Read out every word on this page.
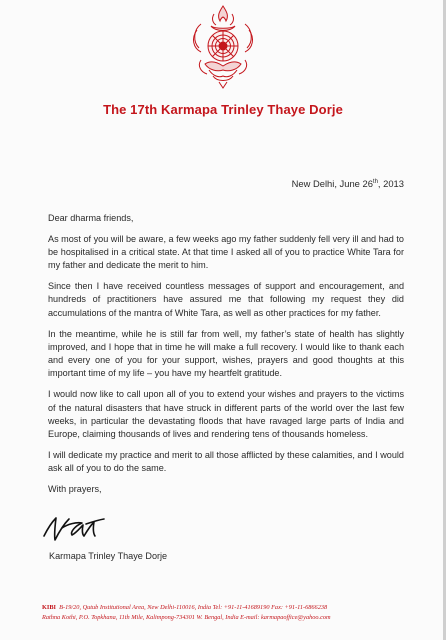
The 17th Karmapa Trinley Thaye Dorje
New Delhi, June 26th, 2013

Dear dharma friends,

As most of you will be aware, a few weeks ago my father suddenly fell very ill and had to be hospitalised in a critical state. At that time I asked all of you to practice White Tara for my father and dedicate the merit to him.

Since then I have received countless messages of support and encouragement, and hundreds of practitioners have assured me that following my request they did accumulations of the mantra of White Tara, as well as other practices for my father.

In the meantime, while he is still far from well, my father’s state of health has slightly improved, and I hope that in time he will make a full recovery. I would like to thank each and every one of you for your support, wishes, prayers and good thoughts at this important time of my life – you have my heartfelt gratitude.

I would now like to call upon all of you to extend your wishes and prayers to the victims of the natural disasters that have struck in different parts of the world over the last few weeks, in particular the devastating floods that have ravaged large parts of India and Europe, claiming thousands of lives and rendering tens of thousands homeless.

I will dedicate my practice and merit to all those afflicted by these calamities, and I would ask all of you to do the same.

With prayers,

Karmapa Trinley Thaye Dorje
KIBI B-19/20, Qutub Institutional Area, New Delhi-110016, India Tel: +91-11-41689190 Fax: +91-11-6866238
Rathna Kothi, P.O. Topkhana, 11th Mile, Kalimpong-734301 W. Bengal, India E-mail: karmapaoffice@yahoo.com
